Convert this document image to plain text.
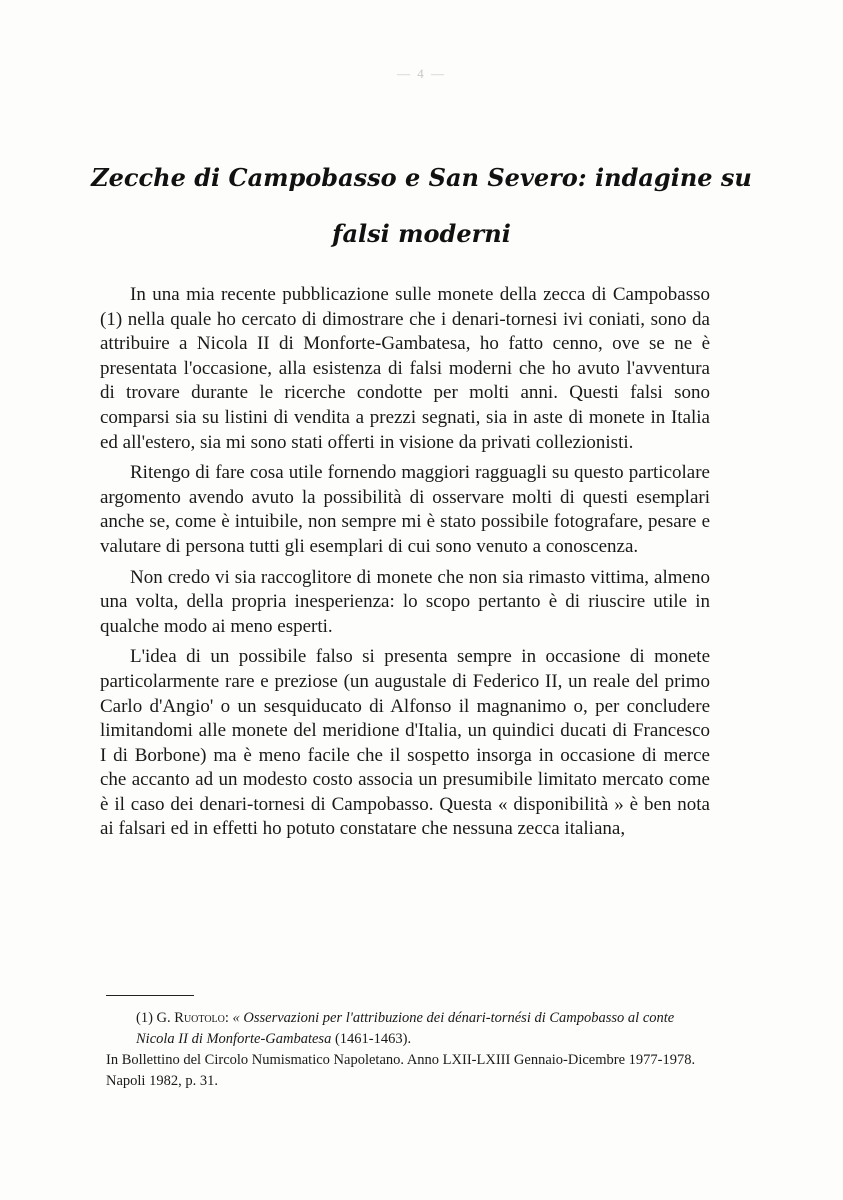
— 4 —
Zecche di Campobasso e San Severo: indagine su
falsi moderni

In una mia recente pubblicazione sulle monete della zecca di Campobasso (1) nella quale ho cercato di dimostrare che i denari-tornesi ivi coniati, sono da attribuire a Nicola II di Monforte-Gambatesa, ho fatto cenno, ove se ne è presentata l'occasione, alla esistenza di falsi moderni che ho avuto l'avventura di trovare durante le ricerche condotte per molti anni. Questi falsi sono comparsi sia su listini di vendita a prezzi segnati, sia in aste di monete in Italia ed all'estero, sia mi sono stati offerti in visione da privati collezionisti.

Ritengo di fare cosa utile fornendo maggiori ragguagli su questo particolare argomento avendo avuto la possibilità di osservare molti di questi esemplari anche se, come è intuibile, non sempre mi è stato possibile fotografare, pesare e valutare di persona tutti gli esemplari di cui sono venuto a conoscenza.

Non credo vi sia raccoglitore di monete che non sia rimasto vittima, almeno una volta, della propria inesperienza: lo scopo pertanto è di riuscire utile in qualche modo ai meno esperti.

L'idea di un possibile falso si presenta sempre in occasione di monete particolarmente rare e preziose (un augustale di Federico II, un reale del primo Carlo d'Angio' o un sesquiducato di Alfonso il magnanimo o, per concludere limitandomi alle monete del meridione d'Italia, un quindici ducati di Francesco I di Borbone) ma è meno facile che il sospetto insorga in occasione di merce che accanto ad un modesto costo associa un presumibile limitato mercato come è il caso dei denari-tornesi di Campobasso. Questa « disponibilità » è ben nota ai falsari ed in effetti ho potuto constatare che nessuna zecca italiana,

(1) G. Ruotolo: « Osservazioni per l'attribuzione dei dénari-tornési di Campobasso al conte Nicola II di Monforte-Gambatesa (1461-1463).

In Bollettino del Circolo Numismatico Napoletano. Anno LXII-LXIII Gennaio-Dicembre 1977-1978. Napoli 1982, p. 31.
